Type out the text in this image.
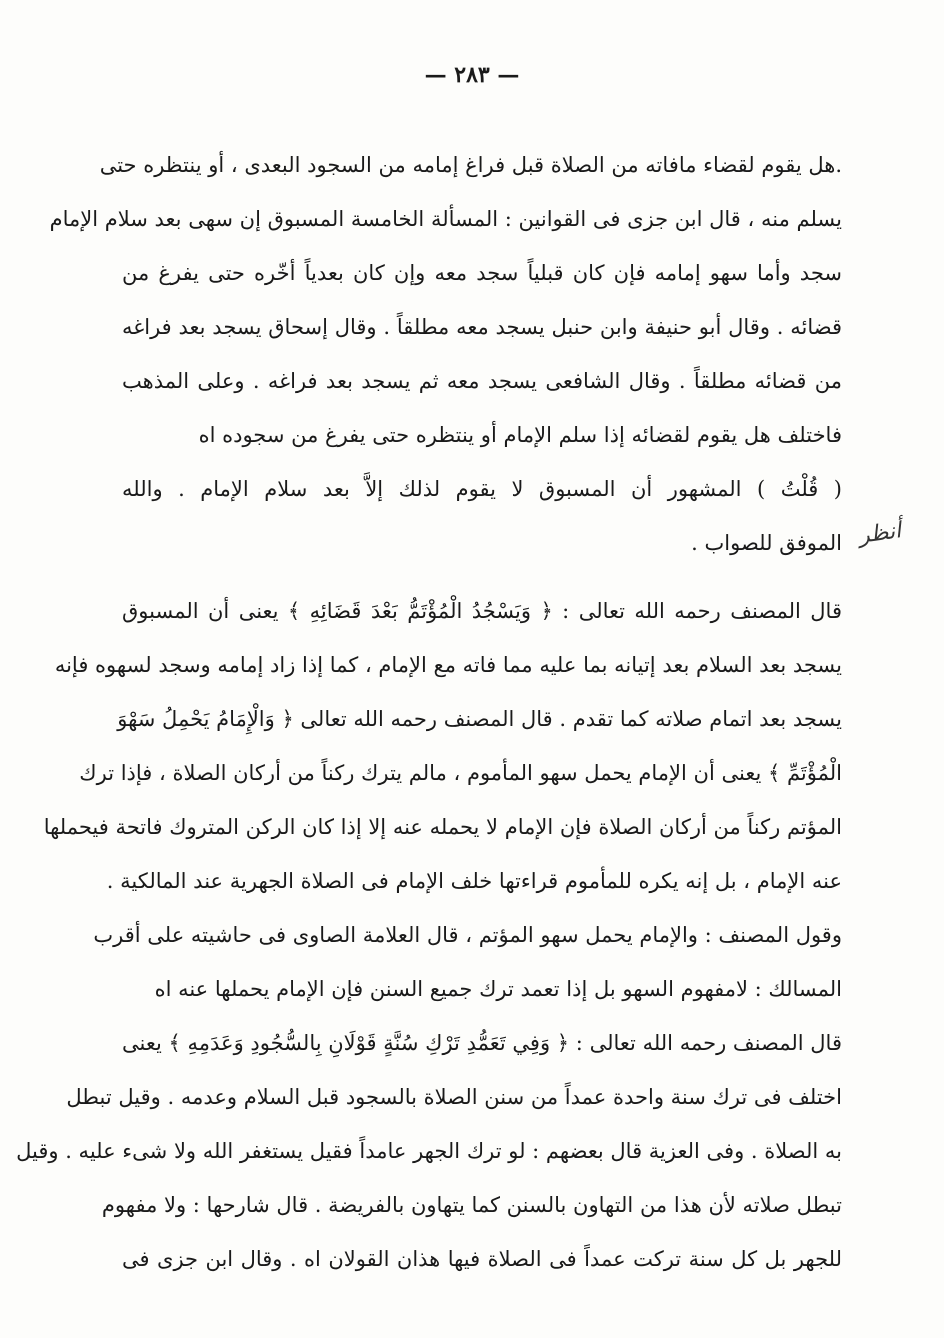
— ٢٨٣ —
أنظر
.هل يقوم لقضاء مافاته من الصلاة قبل فراغ إمامه من السجود البعدى ، أو ينتظره حتى
يسلم منه ، قال ابن جزى فى القوانين : المسألة الخامسة المسبوق إن سهى بعد سلام الإمام
سجد وأما سهو إمامه فإن كان قبلياً سجد معه وإن كان بعدياً أخّره حتى يفرغ من
قضائه . وقال أبو حنيفة وابن حنبل يسجد معه مطلقاً . وقال إسحاق يسجد بعد فراغه
من قضائه مطلقاً . وقال الشافعى يسجد معه ثم يسجد بعد فراغه . وعلى المذهب
فاختلف هل يقوم لقضائه إذا سلم الإمام أو ينتظره حتى يفرغ من سجوده اه
( قُلْتُ ) المشهور أن المسبوق لا يقوم لذلك إلاَّ بعد سلام الإمام . والله
الموفق للصواب .
قال المصنف رحمه الله تعالى : ﴿ وَيَسْجُدُ الْمُؤْتَمُّ بَعْدَ قَضَائِهِ ﴾ يعنى أن المسبوق
يسجد بعد السلام بعد إتيانه بما عليه مما فاته مع الإمام ، كما إذا زاد إمامه وسجد لسهوه فإنه
يسجد بعد اتمام صلاته كما تقدم . قال المصنف رحمه الله تعالى ﴿ وَالْإِمَامُ يَحْمِلُ سَهْوَ
الْمُؤْتَمِّ ﴾ يعنى أن الإمام يحمل سهو المأموم ، مالم يترك ركناً من أركان الصلاة ، فإذا ترك
المؤتم ركناً من أركان الصلاة فإن الإمام لا يحمله عنه إلا إذا كان الركن المتروك فاتحة فيحملها
عنه الإمام ، بل إنه يكره للمأموم قراءتها خلف الإمام فى الصلاة الجهرية عند المالكية .
وقول المصنف : والإمام يحمل سهو المؤتم ، قال العلامة الصاوى فى حاشيته على أقرب
المسالك : لامفهوم السهو بل إذا تعمد ترك جميع السنن فإن الإمام يحملها عنه اه
قال المصنف رحمه الله تعالى : ﴿ وَفِي تَعَمُّدِ تَرْكِ سُنَّةٍ قَوْلَانِ بِالسُّجُودِ وَعَدَمِهِ ﴾ يعنى
اختلف فى ترك سنة واحدة عمداً من سنن الصلاة بالسجود قبل السلام وعدمه . وقيل تبطل
به الصلاة . وفى العزية قال بعضهم : لو ترك الجهر عامداً فقيل يستغفر الله ولا شىء عليه . وقيل
تبطل صلاته لأن هذا من التهاون بالسنن كما يتهاون بالفريضة . قال شارحها : ولا مفهوم
للجهر بل كل سنة تركت عمداً فى الصلاة فيها هذان القولان اه . وقال ابن جزى فى
